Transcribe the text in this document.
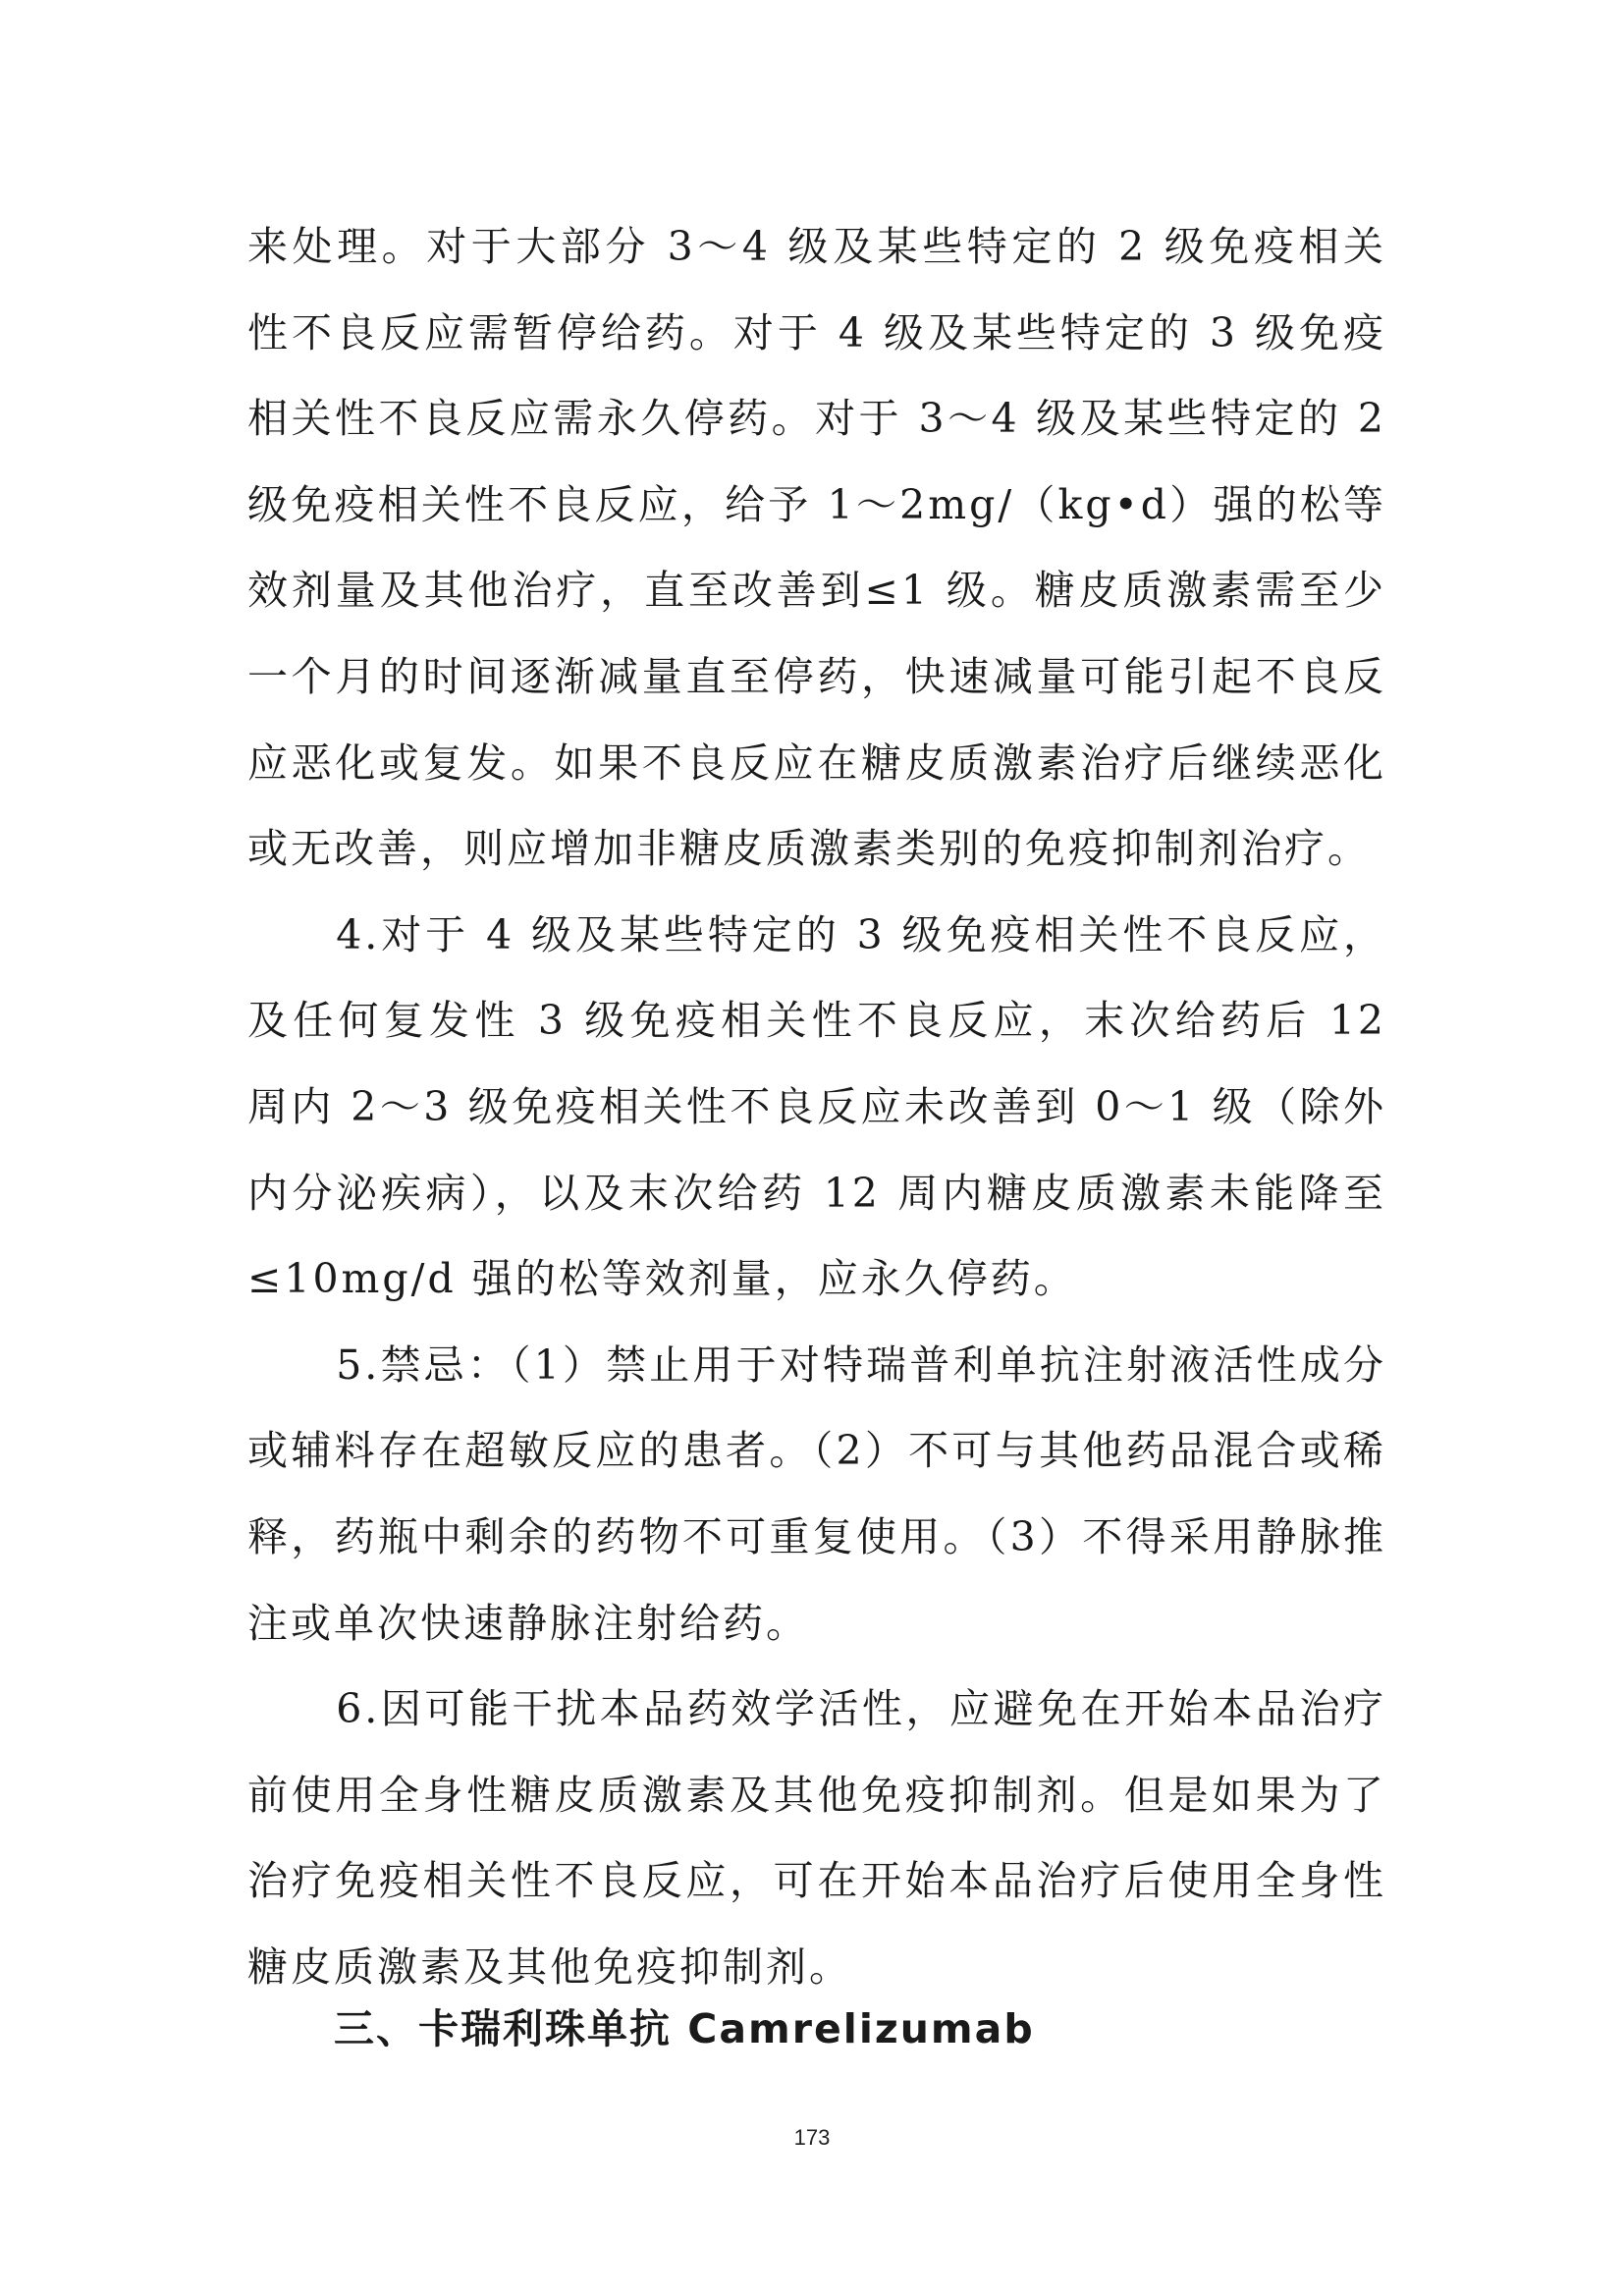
来处理。对于大部分 3～4 级及某些特定的 2 级免疫相关性不良反应需暂停给药。对于 4 级及某些特定的 3 级免疫相关性不良反应需永久停药。对于 3～4 级及某些特定的 2 级免疫相关性不良反应，给予 1～2mg/（kg•d）强的松等效剂量及其他治疗，直至改善到≤1 级。糖皮质激素需至少一个月的时间逐渐减量直至停药，快速减量可能引起不良反应恶化或复发。如果不良反应在糖皮质激素治疗后继续恶化或无改善，则应增加非糖皮质激素类别的免疫抑制剂治疗。

4.对于 4 级及某些特定的 3 级免疫相关性不良反应，及任何复发性 3 级免疫相关性不良反应，末次给药后 12 周内 2～3 级免疫相关性不良反应未改善到 0～1 级（除外内分泌疾病），以及末次给药 12 周内糖皮质激素未能降至≤10mg/d 强的松等效剂量，应永久停药。

5.禁忌：（1）禁止用于对特瑞普利单抗注射液活性成分或辅料存在超敏反应的患者。（2）不可与其他药品混合或稀释，药瓶中剩余的药物不可重复使用。（3）不得采用静脉推注或单次快速静脉注射给药。

6.因可能干扰本品药效学活性，应避免在开始本品治疗前使用全身性糖皮质激素及其他免疫抑制剂。但是如果为了治疗免疫相关性不良反应，可在开始本品治疗后使用全身性糖皮质激素及其他免疫抑制剂。

三、卡瑞利珠单抗 Camrelizumab
173
